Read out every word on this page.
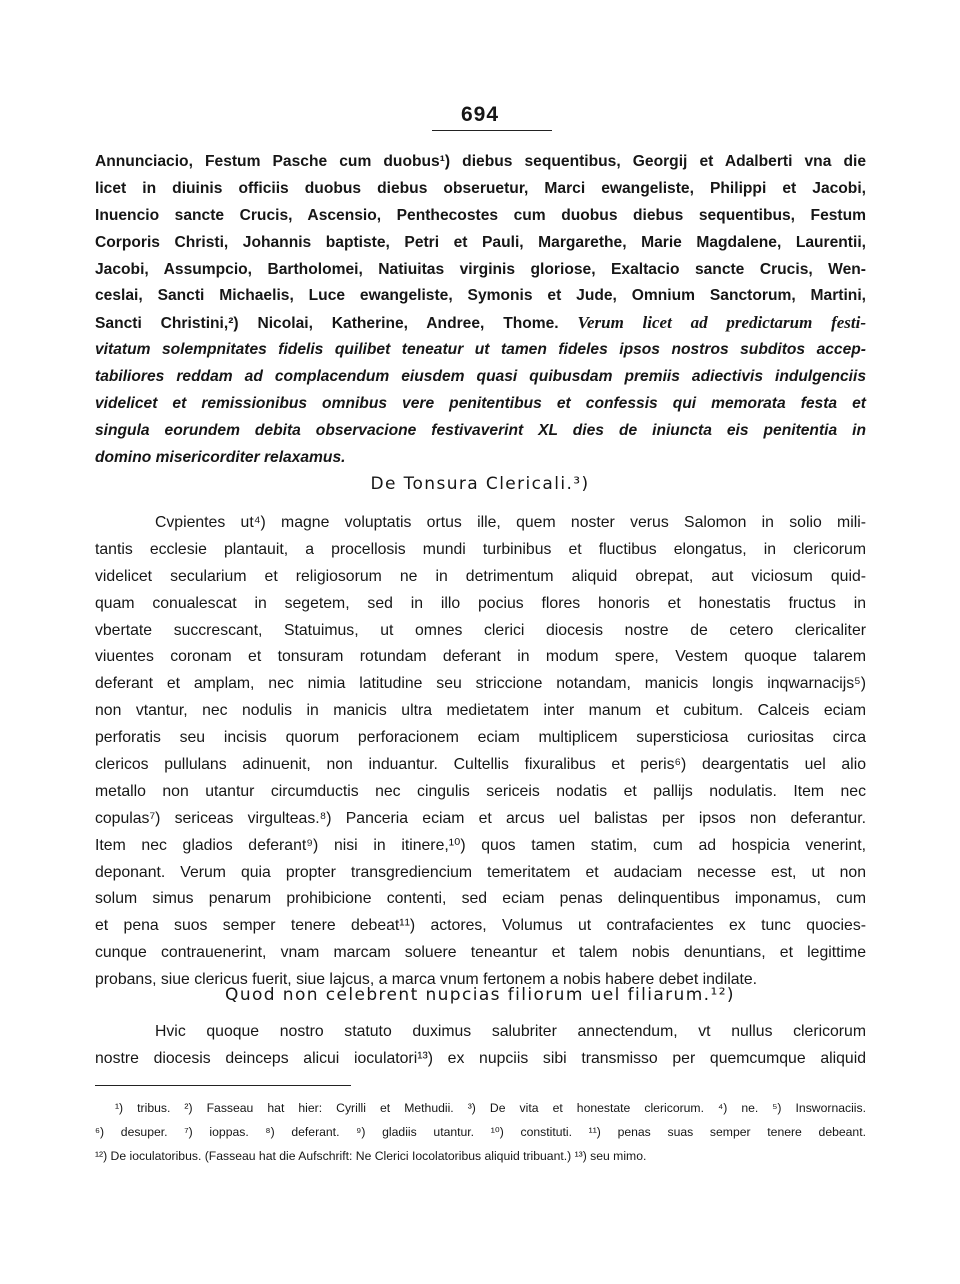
694
Annunciacio, Festum Pasche cum duobus¹) diebus sequentibus, Georgij et Adalberti vna die
licet in diuinis officiis duobus diebus obseruetur, Marci ewangeliste, Philippi et Jacobi,
Inuencio sancte Crucis, Ascensio, Penthecostes cum duobus diebus sequentibus, Festum
Corporis Christi, Johannis baptiste, Petri et Pauli, Margarethe, Marie Magdalene, Laurentii,
Jacobi, Assumpcio, Bartholomei, Natiuitas virginis gloriose, Exaltacio sancte Crucis, Wen-
ceslai, Sancti Michaelis, Luce ewangeliste, Symonis et Jude, Omnium Sanctorum, Martini,
Sancti Christini,²) Nicolai, Katherine, Andree, Thome. Verum licet ad predictarum festi-
vitatum solempnitates fidelis quilibet teneatur ut tamen fideles ipsos nostros subditos accep-
tabiliores reddam ad complacendum eiusdem quasi quibusdam premiis adiectivis indulgenciis
videlicet et remissionibus omnibus vere penitentibus et confessis qui memorata festa et
singula eorundem debita observacione festivaverint XL dies de iniuncta eis penitentia in
domino misericorditer relaxamus.
De Tonsura Clericali.³)
Cvpientes ut⁴) magne voluptatis ortus ille, quem noster verus Salomon in solio mili-
tantis ecclesie plantauit, a procellosis mundi turbinibus et fluctibus elongatus, in clericorum
videlicet secularium et religiosorum ne in detrimentum aliquid obrepat, aut viciosum quid-
quam conualescat in segetem, sed in illo pocius flores honoris et honestatis fructus in
vbertate succrescant, Statuimus, ut omnes clerici diocesis nostre de cetero clericaliter
viuentes coronam et tonsuram rotundam deferant in modum spere, Vestem quoque talarem
deferant et amplam, nec nimia latitudine seu striccione notandam, manicis longis inqwarnacijs⁵)
non vtantur, nec nodulis in manicis ultra medietatem inter manum et cubitum. Calceis eciam
perforatis seu incisis quorum perforacionem eciam multiplicem supersticiosa curiositas circa
clericos pullulans adinuenit, non induantur. Cultellis fixuralibus et peris⁶) deargentatis uel alio
metallo non utantur circumductis nec cingulis sericeis nodatis et pallijs nodulatis. Item nec
copulas⁷) sericeas virgulteas.⁸) Panceria eciam et arcus uel balistas per ipsos non deferantur.
Item nec gladios deferant⁹) nisi in itinere,¹⁰) quos tamen statim, cum ad hospicia venerint,
deponant. Verum quia propter transgrediencium temeritatem et audaciam necesse est, ut non
solum simus penarum prohibicione contenti, sed eciam penas delinquentibus imponamus, cum
et pena suos semper tenere debeat¹¹) actores, Volumus ut contrafacientes ex tunc quocies-
cunque contrauenerint, vnam marcam soluere teneantur et talem nobis denuntians, et legittime
probans, siue clericus fuerit, siue lajcus, a marca vnum fertonem a nobis habere debet indilate.
Quod non celebrent nupcias filiorum uel filiarum.¹²)
Hvic quoque nostro statuto duximus salubriter annectendum, vt nullus clericorum
nostre diocesis deinceps alicui ioculatori¹³) ex nupciis sibi transmisso per quemcumque aliquid
¹) tribus. ²) Fasseau hat hier: Cyrilli et Methudii. ³) De vita et honestate clericorum. ⁴) ne. ⁵) Inswornaciis.
⁶) desuper. ⁷) ioppas. ⁸) deferant. ⁹) gladiis utantur. ¹⁰) constituti. ¹¹) penas suas semper tenere debeant.
¹²) De ioculatoribus. (Fasseau hat die Aufschrift: Ne Clerici Iocolatoribus aliquid tribuant.) ¹³) seu mimo.
